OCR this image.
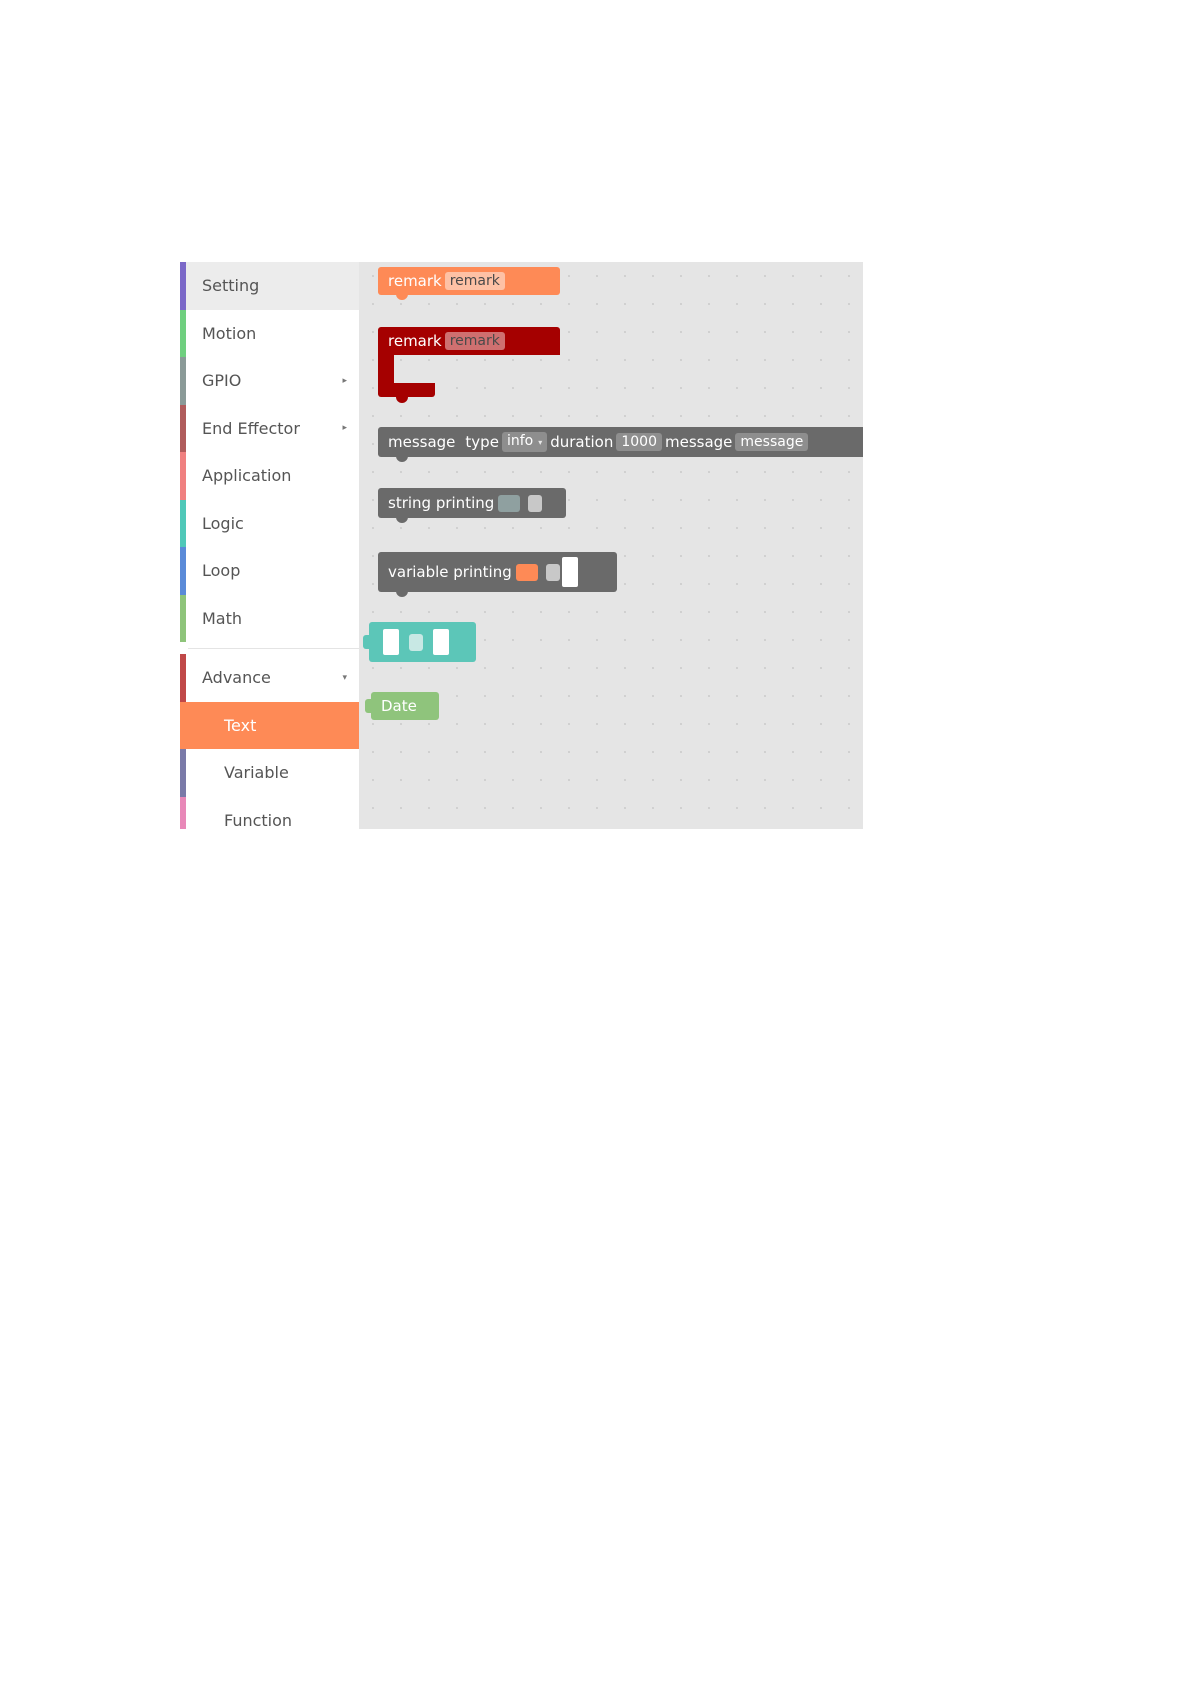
Setting
Motion
GPIO	▸
End Effector	▸
Application
Logic
Loop
Math
Advance	▾
Text
Variable
Function
remark remark
remark remark
message type info ▾ duration 1000 message message
string printing
variable printing
Date
